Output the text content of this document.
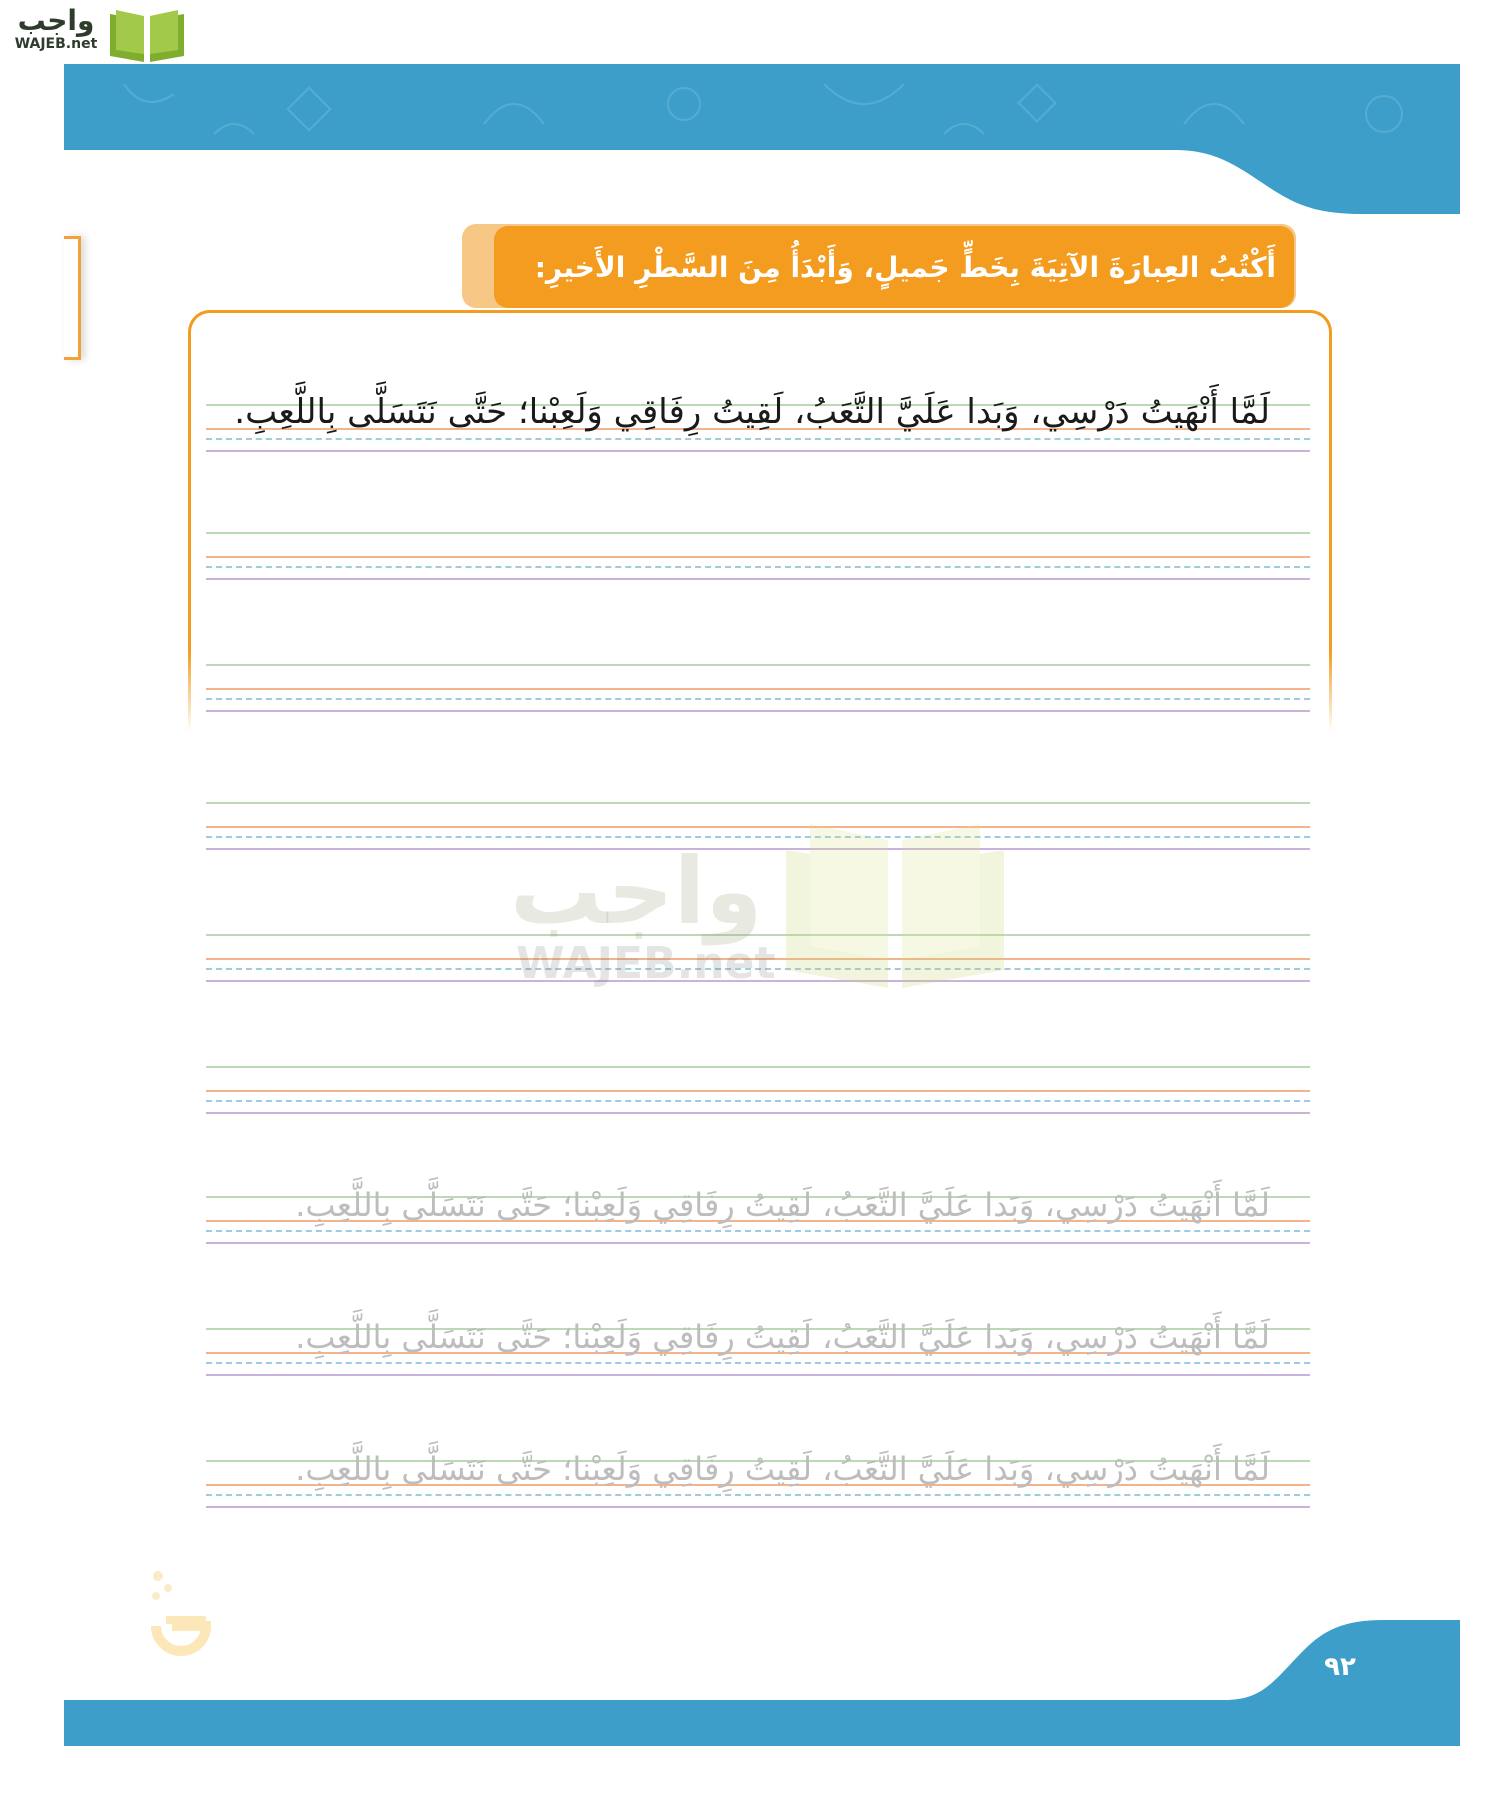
واجب
WAJEB.net
أَكْتُبُ العِبارَةَ الآتِيَةَ بِخَطٍّ جَميلٍ، وَأَبْدَأُ مِنَ السَّطْرِ الأَخيرِ:
لَمَّا أَنْهَيتُ دَرْسِي، وَبَدا عَلَيَّ التَّعَبُ، لَقِيتُ رِفَاقِي وَلَعِبْنا؛ حَتَّى نَتَسَلَّى بِاللَّعِبِ.
لَمَّا أَنْهَيتُ دَرْسِي، وَبَدا عَلَيَّ التَّعَبُ، لَقِيتُ رِفَاقِي وَلَعِبْنا؛ حَتَّى نَتَسَلَّى بِاللَّعِبِ.
لَمَّا أَنْهَيتُ دَرْسِي، وَبَدا عَلَيَّ التَّعَبُ، لَقِيتُ رِفَاقِي وَلَعِبْنا؛ حَتَّى نَتَسَلَّى بِاللَّعِبِ.
لَمَّا أَنْهَيتُ دَرْسِي، وَبَدا عَلَيَّ التَّعَبُ، لَقِيتُ رِفَاقِي وَلَعِبْنا؛ حَتَّى نَتَسَلَّى بِاللَّعِبِ.
واجب
WAJEB.net
٩٢
